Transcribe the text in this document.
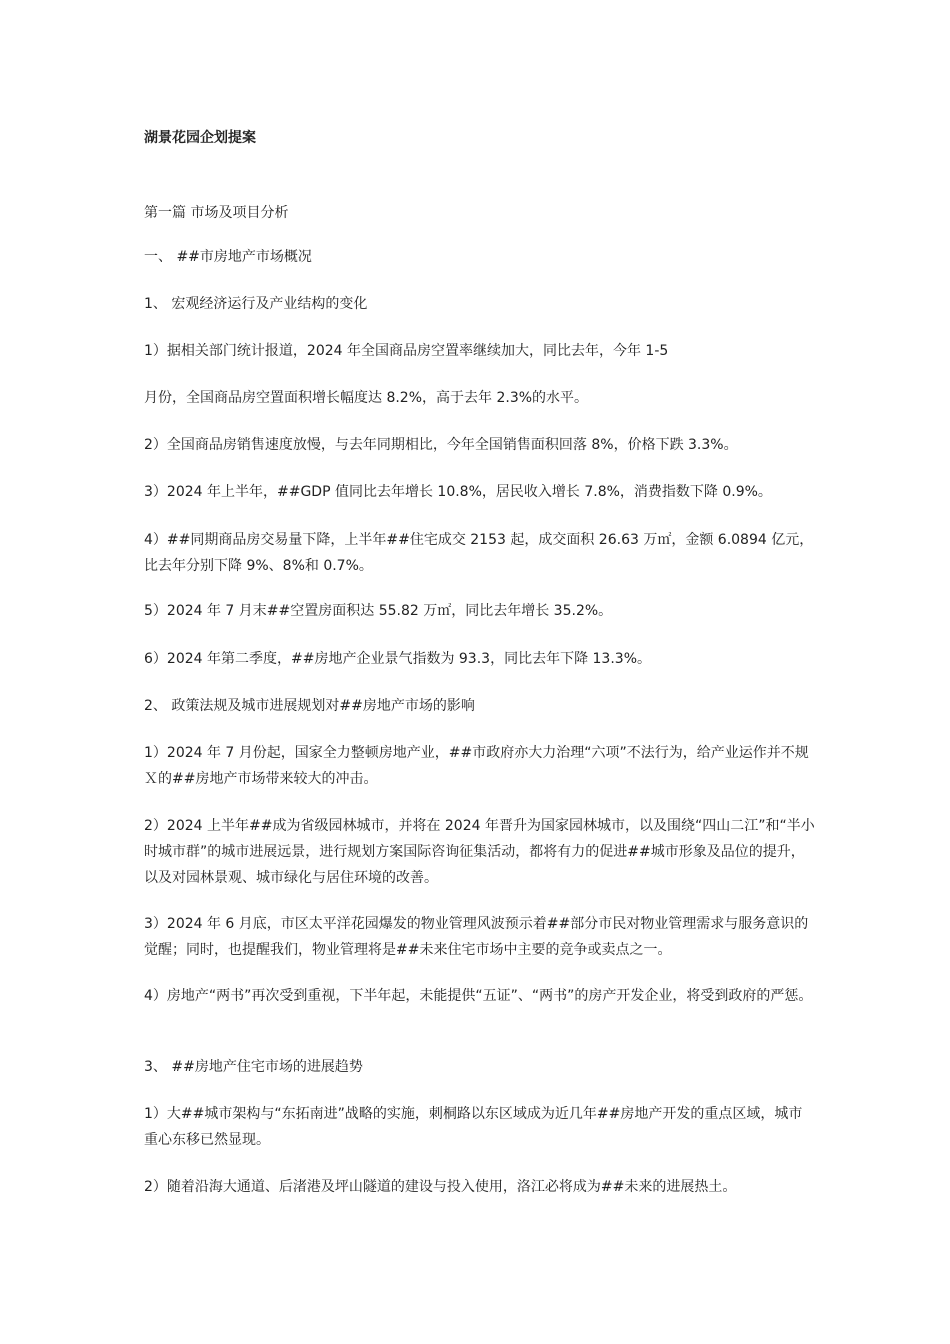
湖景花园企划提案

第一篇 市场及项目分析

一、 ##市房地产市场概况

1、 宏观经济运行及产业结构的变化

1）据相关部门统计报道，2024 年全国商品房空置率继续加大，同比去年，今年 1-5

月份，全国商品房空置面积增长幅度达 8.2%，高于去年 2.3%的水平。

2）全国商品房销售速度放慢，与去年同期相比，今年全国销售面积回落 8%，价格下跌 3.3%。

3）2024 年上半年，##GDP 值同比去年增长 10.8%，居民收入增长 7.8%，消费指数下降 0.9%。

4）##同期商品房交易量下降，上半年##住宅成交 2153 起，成交面积 26.63 万㎡，金额 6.0894 亿元，比去年分别下降 9%、8%和 0.7%。

5）2024 年 7 月末##空置房面积达 55.82 万㎡，同比去年增长 35.2%。

6）2024 年第二季度，##房地产企业景气指数为 93.3，同比去年下降 13.3%。

2、 政策法规及城市进展规划对##房地产市场的影响

1）2024 年 7 月份起，国家全力整顿房地产业，##市政府亦大力治理“六项”不法行为，给产业运作并不规Ｘ的##房地产市场带来较大的冲击。

2）2024 上半年##成为省级园林城市，并将在 2024 年晋升为国家园林城市，以及围绕“四山二江”和“半小时城市群”的城市进展远景，进行规划方案国际咨询征集活动，都将有力的促进##城市形象及品位的提升，以及对园林景观、城市绿化与居住环境的改善。

3）2024 年 6 月底，市区太平洋花园爆发的物业管理风波预示着##部分市民对物业管理需求与服务意识的觉醒；同时，也提醒我们，物业管理将是##未来住宅市场中主要的竞争或卖点之一。

4）房地产“两书”再次受到重视，下半年起，未能提供“五证”、“两书”的房产开发企业，将受到政府的严惩。

3、 ##房地产住宅市场的进展趋势

1）大##城市架构与“东拓南进”战略的实施，刺桐路以东区域成为近几年##房地产开发的重点区域，城市重心东移已然显现。

2）随着沿海大通道、后渚港及坪山隧道的建设与投入使用，洛江必将成为##未来的进展热土。
